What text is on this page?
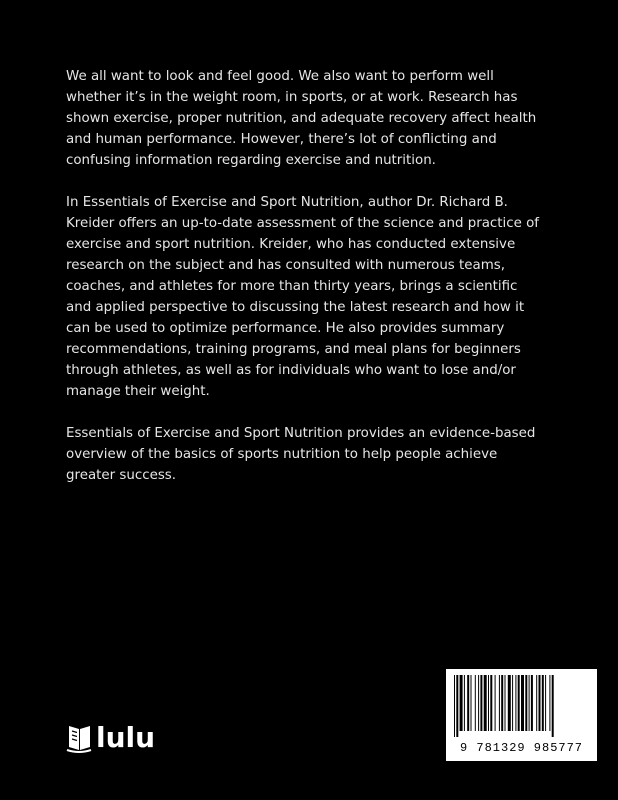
We all want to look and feel good. We also want to perform well
whether it’s in the weight room, in sports, or at work. Research has
shown exercise, proper nutrition, and adequate recovery affect health
and human performance. However, there’s lot of conflicting and
confusing information regarding exercise and nutrition.

In Essentials of Exercise and Sport Nutrition, author Dr. Richard B.
Kreider offers an up-to-date assessment of the science and practice of
exercise and sport nutrition. Kreider, who has conducted extensive
research on the subject and has consulted with numerous teams,
coaches, and athletes for more than thirty years, brings a scientific
and applied perspective to discussing the latest research and how it
can be used to optimize performance. He also provides summary
recommendations, training programs, and meal plans for beginners
through athletes, as well as for individuals who want to lose and/or
manage their weight.

Essentials of Exercise and Sport Nutrition provides an evidence-based
overview of the basics of sports nutrition to help people achieve
greater success.

lulu	9 781329 985777
